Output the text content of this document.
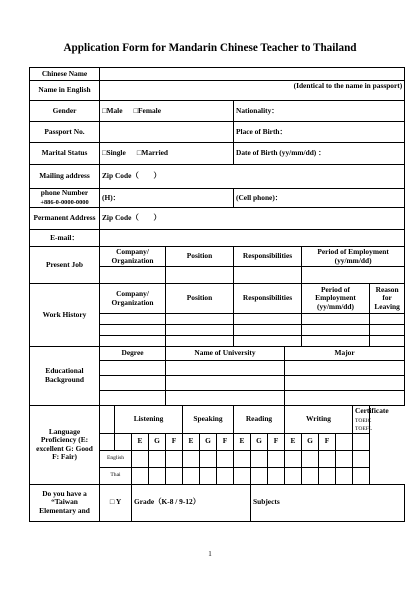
Application Form for Mandarin Chinese Teacher to Thailand
Chinese Name																	
Name in English	(Identical to the name in passport)																
Gender	□Male □Female								Nationality：								
Passport No.									Place of Birth：								
Marital Status	□Single □Married								Date of Birth (yy/mm/dd) ：								
Mailing address	Zip Code（　　）																
phone Number
+886-0-0000-0000	(H)：								(Cell phone)：								
Permanent Address	Zip Code（　　）																
E-mail：																	
Present Job	Company/ Organization				Position				Responsibilities				Period of Employment (yy/mm/dd)				

Work History	Company/ Organization				Position				Responsibilities				Period of Employment (yy/mm/dd)				Reason for Leaving

Educational Background	Degree				Name of University							Major					

Language Proficiency (E: excellent G: Good F: Fair)		Listening				Speaking			Reading			Writing				Certificate
TOEIC
TOEFL	
			E	G	F	E	G	F	E	G	F	E	G	F			
	English																
	Thai																
Do you have a “Taiwan Elementary and	□ Y		Grade（K-8 / 9-12）							Subjects							
1
